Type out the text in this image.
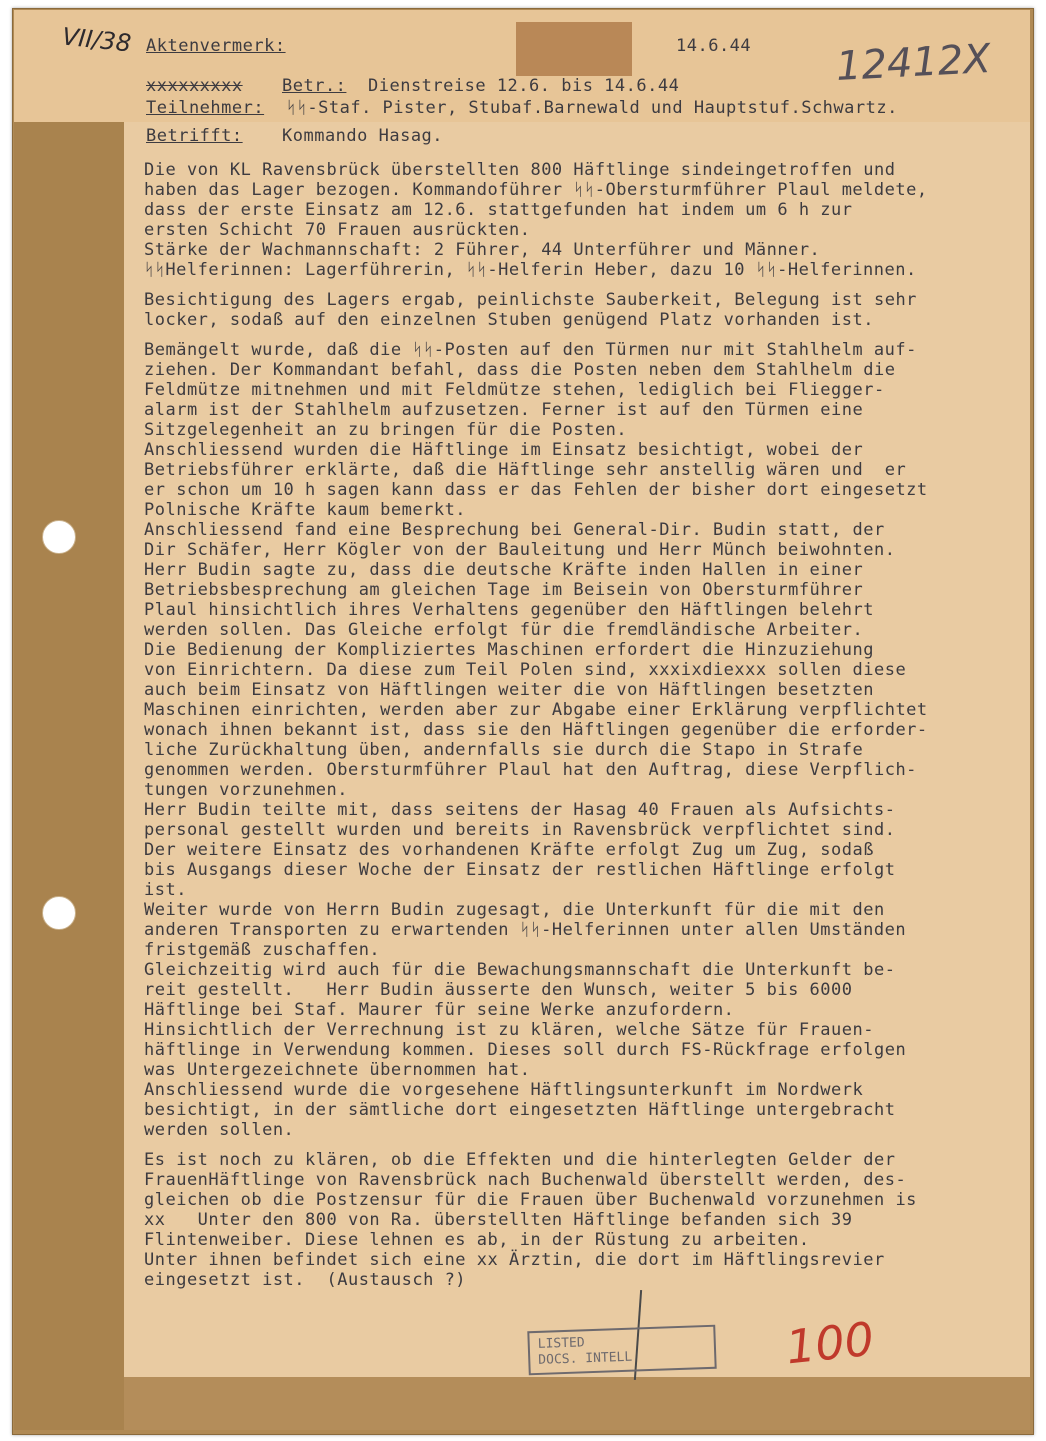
VII/38 Aktenvermerk:	14.6.44 12412X
xxxxxxxxx Betr.: Dienstreise 12.6. bis 14.6.44
Teilnehmer: ᛋᛋ-Staf. Pister, Stubaf.Barnewald und Hauptstuf.Schwartz.
Betrifft: Kommando Hasag.
Die von KL Ravensbrück überstellten 800 Häftlinge sindeingetroffen und
haben das Lager bezogen. Kommandoführer ᛋᛋ-Obersturmführer Plaul meldete,
dass der erste Einsatz am 12.6. stattgefunden hat indem um 6 h zur
ersten Schicht 70 Frauen ausrückten.
Stärke der Wachmannschaft: 2 Führer, 44 Unterführer und Männer.
ᛋᛋHelferinnen: Lagerführerin, ᛋᛋ-Helferin Heber, dazu 10 ᛋᛋ-Helferinnen.
Besichtigung des Lagers ergab, peinlichste Sauberkeit, Belegung ist sehr
locker, sodaß auf den einzelnen Stuben genügend Platz vorhanden ist.
Bemängelt wurde, daß die ᛋᛋ-Posten auf den Türmen nur mit Stahlhelm auf-
ziehen. Der Kommandant befahl, dass die Posten neben dem Stahlhelm die
Feldmütze mitnehmen und mit Feldmütze stehen, lediglich bei Fliegger-
alarm ist der Stahlhelm aufzusetzen. Ferner ist auf den Türmen eine
Sitzgelegenheit an zu bringen für die Posten.
Anschliessend wurden die Häftlinge im Einsatz besichtigt, wobei der
Betriebsführer erklärte, daß die Häftlinge sehr anstellig wären und  er
er schon um 10 h sagen kann dass er das Fehlen der bisher dort eingesetzt
Polnische Kräfte kaum bemerkt.
Anschliessend fand eine Besprechung bei General-Dir. Budin statt, der
Dir Schäfer, Herr Kögler von der Bauleitung und Herr Münch beiwohnten.
Herr Budin sagte zu, dass die deutsche Kräfte inden Hallen in einer
Betriebsbesprechung am gleichen Tage im Beisein von Obersturmführer
Plaul hinsichtlich ihres Verhaltens gegenüber den Häftlingen belehrt
werden sollen. Das Gleiche erfolgt für die fremdländische Arbeiter.
Die Bedienung der Kompliziertes Maschinen erfordert die Hinzuziehung
von Einrichtern. Da diese zum Teil Polen sind, xxxixdiexxx sollen diese
auch beim Einsatz von Häftlingen weiter die von Häftlingen besetzten
Maschinen einrichten, werden aber zur Abgabe einer Erklärung verpflichtet
wonach ihnen bekannt ist, dass sie den Häftlingen gegenüber die erforder-
liche Zurückhaltung üben, andernfalls sie durch die Stapo in Strafe
genommen werden. Obersturmführer Plaul hat den Auftrag, diese Verpflich-
tungen vorzunehmen.
Herr Budin teilte mit, dass seitens der Hasag 40 Frauen als Aufsichts-
personal gestellt wurden und bereits in Ravensbrück verpflichtet sind.
Der weitere Einsatz des vorhandenen Kräfte erfolgt Zug um Zug, sodaß
bis Ausgangs dieser Woche der Einsatz der restlichen Häftlinge erfolgt
ist.
Weiter wurde von Herrn Budin zugesagt, die Unterkunft für die mit den
anderen Transporten zu erwartenden ᛋᛋ-Helferinnen unter allen Umständen
fristgemäß zuschaffen.
Gleichzeitig wird auch für die Bewachungsmannschaft die Unterkunft be-
reit gestellt.   Herr Budin äusserte den Wunsch, weiter 5 bis 6000
Häftlinge bei Staf. Maurer für seine Werke anzufordern.
Hinsichtlich der Verrechnung ist zu klären, welche Sätze für Frauen-
häftlinge in Verwendung kommen. Dieses soll durch FS-Rückfrage erfolgen
was Untergezeichnete übernommen hat.
Anschliessend wurde die vorgesehene Häftlingsunterkunft im Nordwerk
besichtigt, in der sämtliche dort eingesetzten Häftlinge untergebracht
werden sollen.
Es ist noch zu klären, ob die Effekten und die hinterlegten Gelder der
FrauenHäftlinge von Ravensbrück nach Buchenwald überstellt werden, des-
gleichen ob die Postzensur für die Frauen über Buchenwald vorzunehmen is
xx   Unter den 800 von Ra. überstellten Häftlinge befanden sich 39
Flintenweiber. Diese lehnen es ab, in der Rüstung zu arbeiten.
Unter ihnen befindet sich eine xx Ärztin, die dort im Häftlingsrevier
eingesetzt ist.  (Austausch ?)
LISTED
DOCS. INTELL	100
